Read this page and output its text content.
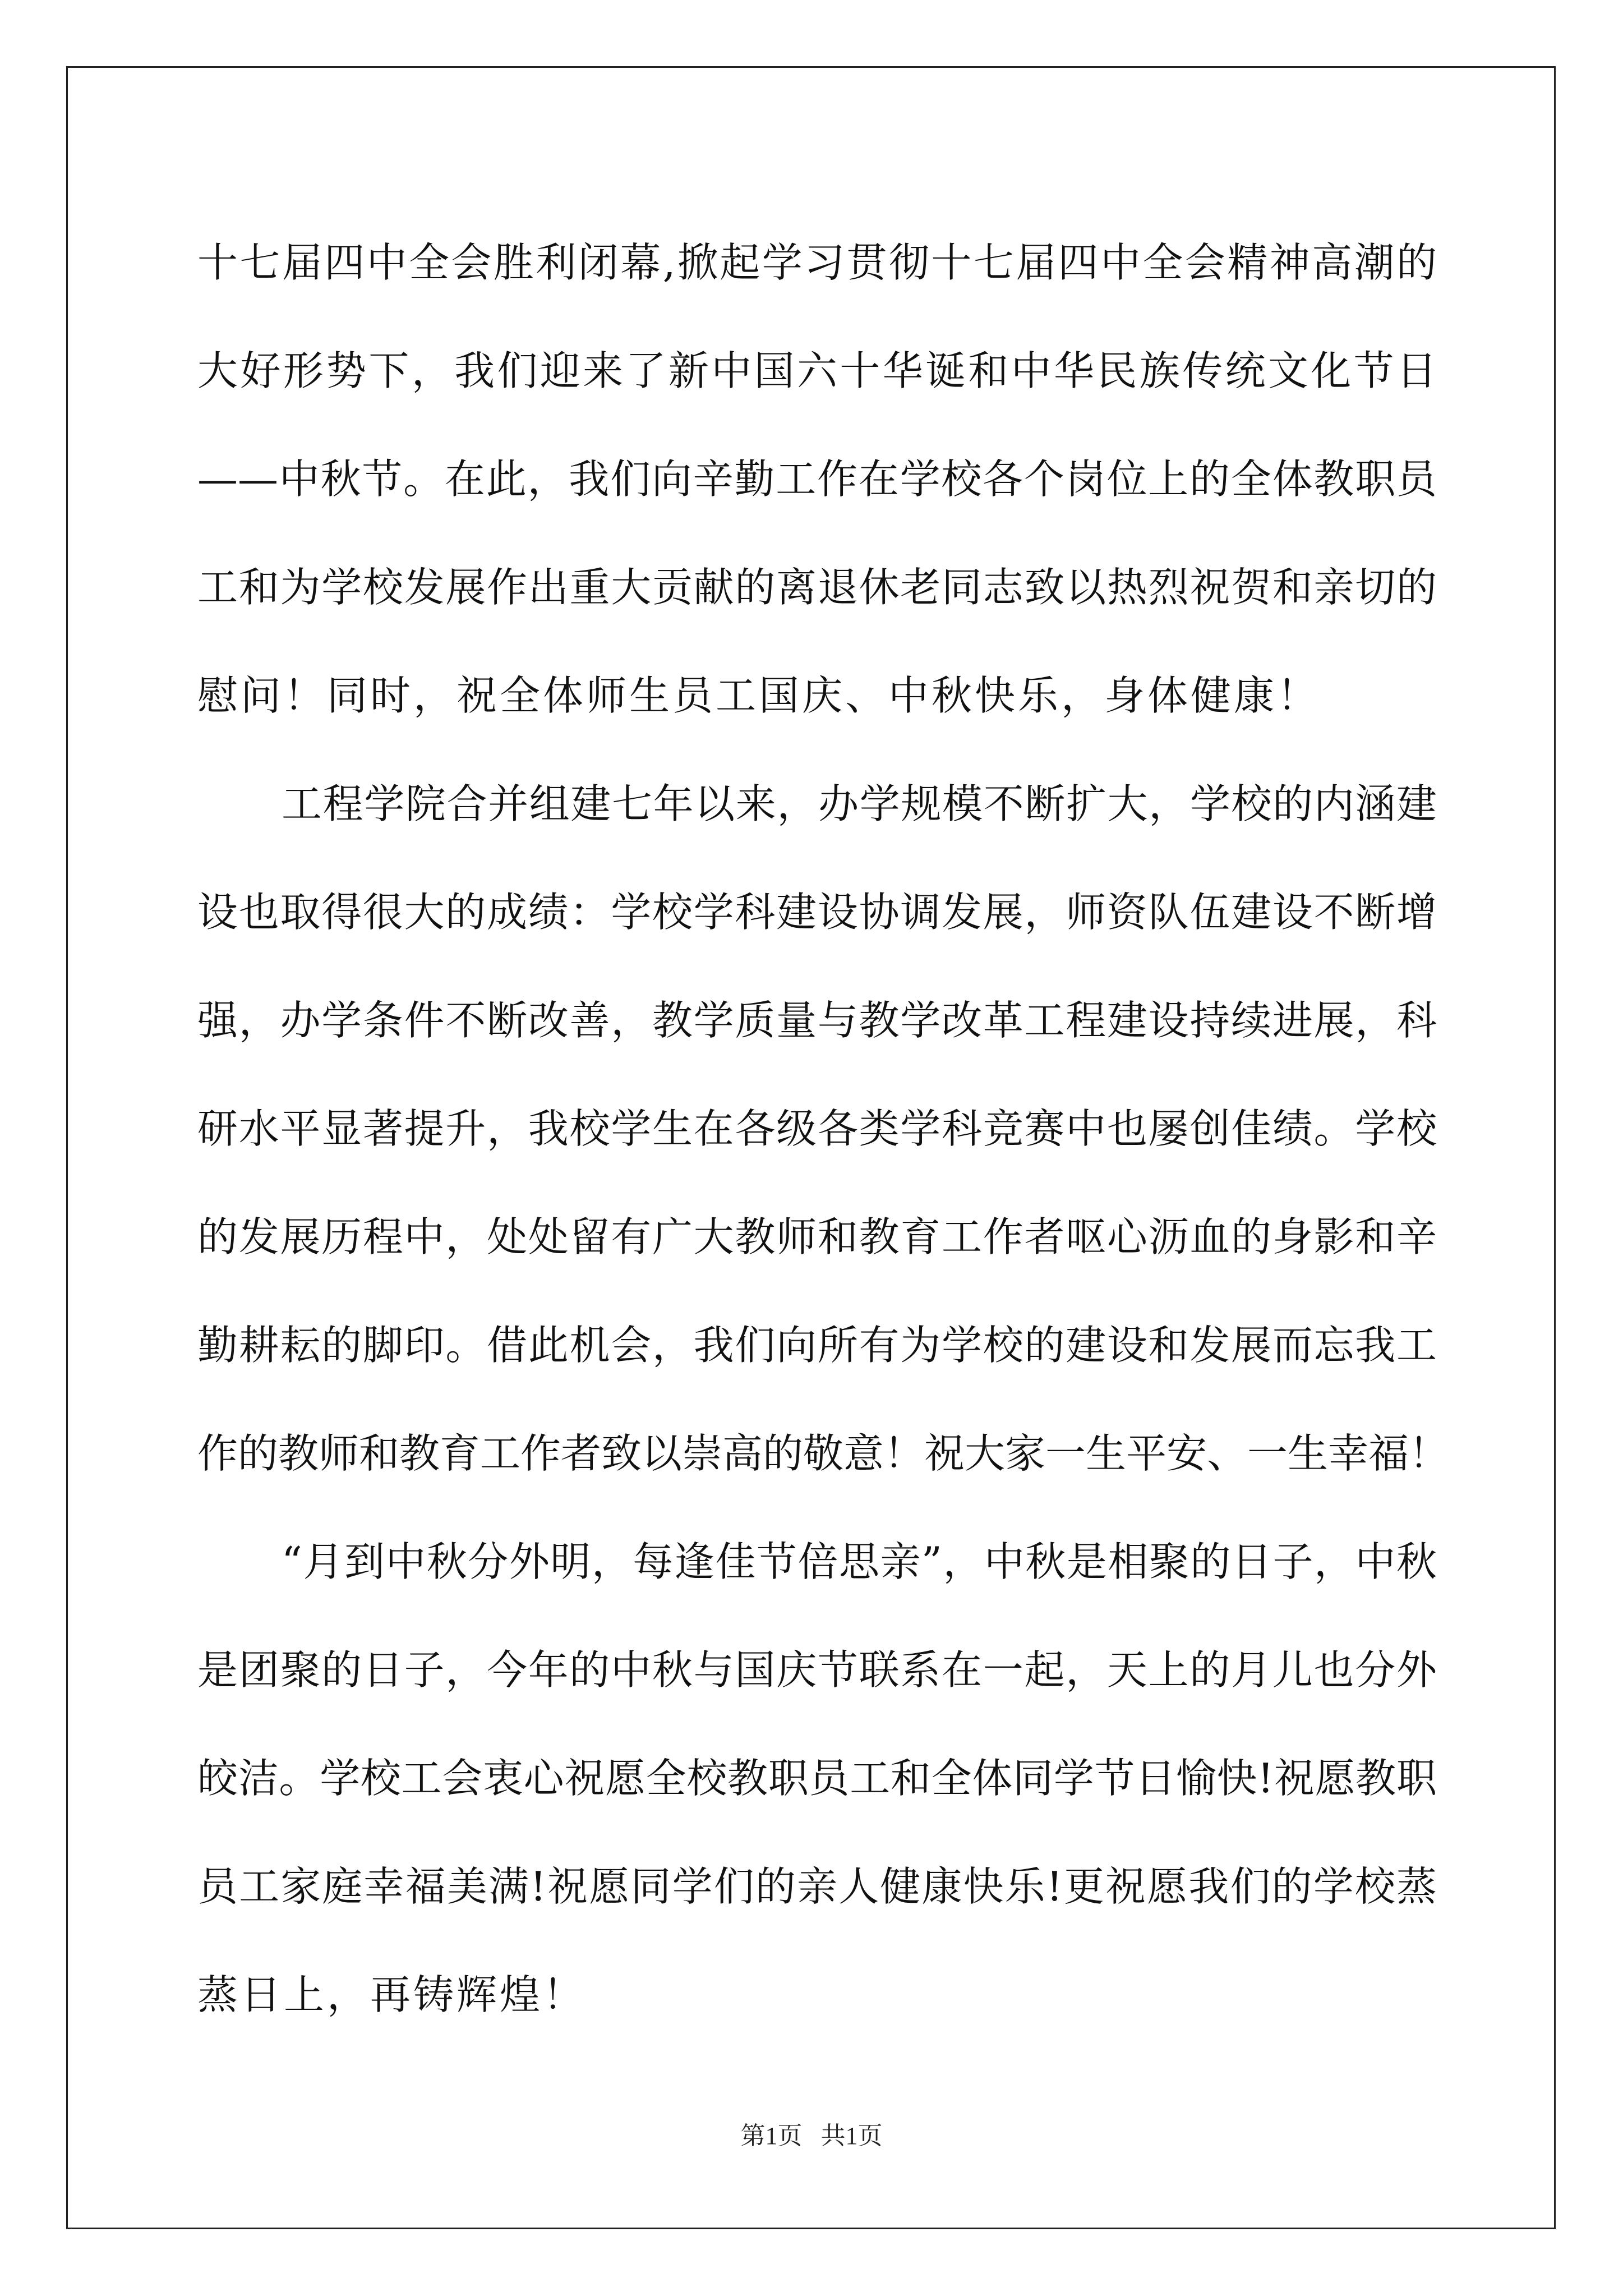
十七届四中全会胜利闭幕,掀起学习贯彻十七届四中全会精神高潮的

大好形势下，我们迎来了新中国六十华诞和中华民族传统文化节日

——中秋节。在此，我们向辛勤工作在学校各个岗位上的全体教职员

工和为学校发展作出重大贡献的离退休老同志致以热烈祝贺和亲切的

慰问！同时，祝全体师生员工国庆、中秋快乐，身体健康！

工程学院合并组建七年以来，办学规模不断扩大，学校的内涵建

设也取得很大的成绩：学校学科建设协调发展，师资队伍建设不断增

强，办学条件不断改善，教学质量与教学改革工程建设持续进展，科

研水平显著提升，我校学生在各级各类学科竞赛中也屡创佳绩。学校

的发展历程中，处处留有广大教师和教育工作者呕心沥血的身影和辛

勤耕耘的脚印。借此机会，我们向所有为学校的建设和发展而忘我工

作的教师和教育工作者致以崇高的敬意！祝大家一生平安、一生幸福！

“月到中秋分外明，每逢佳节倍思亲”，中秋是相聚的日子，中秋

是团聚的日子，今年的中秋与国庆节联系在一起，天上的月儿也分外

皎洁。学校工会衷心祝愿全校教职员工和全体同学节日愉快!祝愿教职

员工家庭幸福美满!祝愿同学们的亲人健康快乐!更祝愿我们的学校蒸

蒸日上，再铸辉煌！

第1页   共1页
